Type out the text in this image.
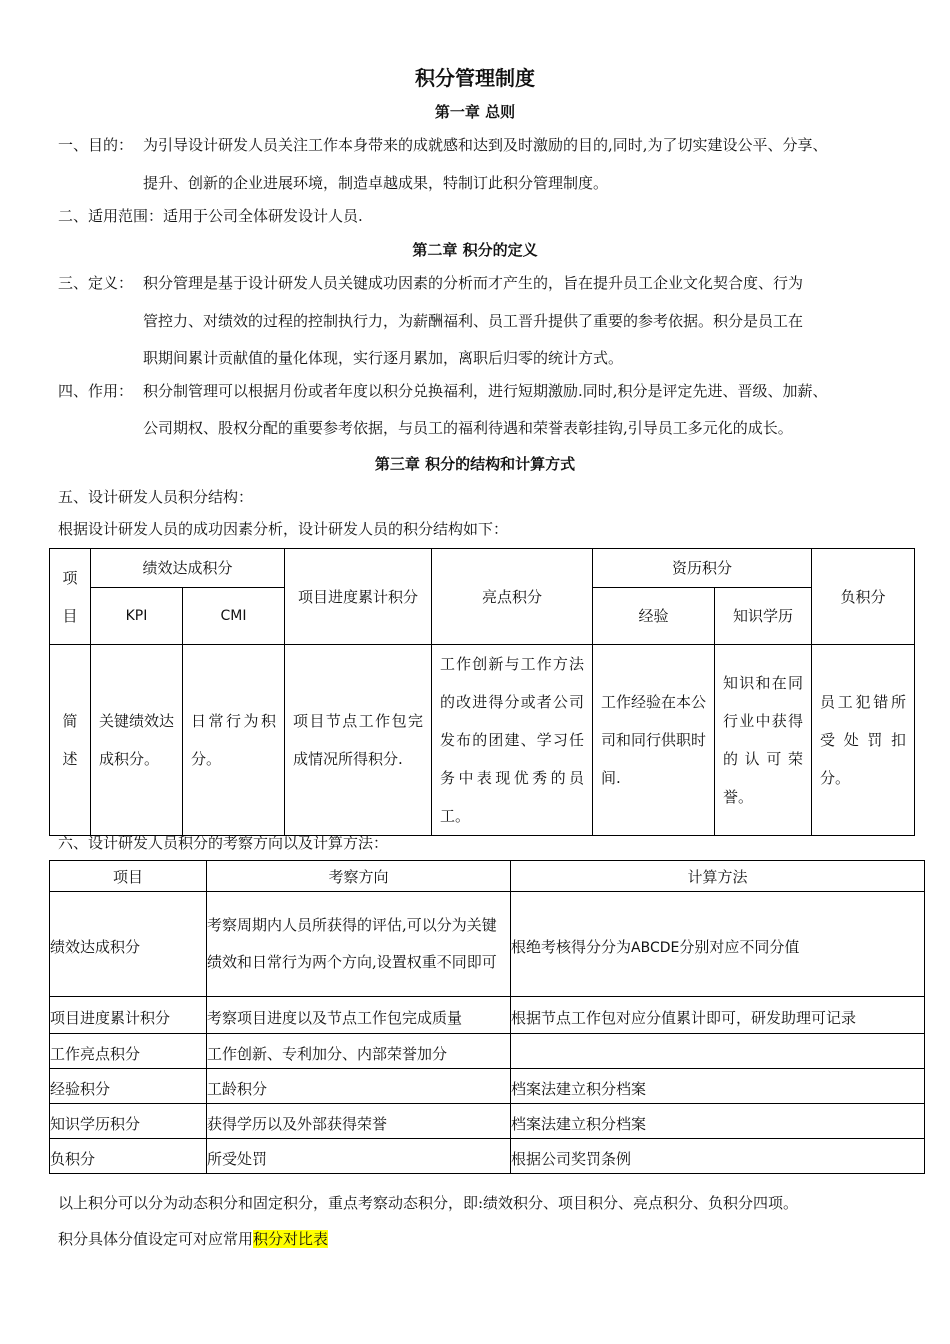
积分管理制度
第一章 总则
一、目的： 为引导设计研发人员关注工作本身带来的成就感和达到及时激励的目的,同时,为了切实建设公平、分享、
提升、创新的企业进展环境，制造卓越成果，特制订此积分管理制度。
二、适用范围：适用于公司全体研发设计人员.
第二章 积分的定义
三、定义： 积分管理是基于设计研发人员关键成功因素的分析而才产生的，旨在提升员工企业文化契合度、行为
管控力、对绩效的过程的控制执行力，为薪酬福利、员工晋升提供了重要的参考依据。积分是员工在
职期间累计贡献值的量化体现，实行逐月累加，离职后归零的统计方式。
四、作用： 积分制管理可以根据月份或者年度以积分兑换福利，进行短期激励.同时,积分是评定先进、晋级、加薪、
公司期权、股权分配的重要参考依据，与员工的福利待遇和荣誉表彰挂钩,引导员工多元化的成长。
第三章 积分的结构和计算方式
五、设计研发人员积分结构：
根据设计研发人员的成功因素分析，设计研发人员的积分结构如下：
项目	绩效达成积分		项目进度累计积分	亮点积分	资历积分		负积分
	KPI	CMI			经验	知识学历	

简述	关键绩效达成积分。	日常行为积分。	项目节点工作包完成情况所得积分.	工作创新与工作方法的改进得分或者公司发布的团建、学习任务中表现优秀的员工。	工作经验在本公司和同行供职时间.	知识和在同行业中获得的认可荣誉。	员工犯错所受处罚扣分。
六、设计研发人员积分的考察方向以及计算方法：
项目	考察方向	计算方法
绩效达成积分	考察周期内人员所获得的评估,可以分为关键绩效和日常行为两个方向,设置权重不同即可	根绝考核得分分为ABCDE分别对应不同分值
项目进度累计积分	考察项目进度以及节点工作包完成质量	根据节点工作包对应分值累计即可，研发助理可记录
工作亮点积分	工作创新、专利加分、内部荣誉加分	
经验积分	工龄积分	档案法建立积分档案
知识学历积分	获得学历以及外部获得荣誉	档案法建立积分档案
负积分	所受处罚	根据公司奖罚条例
以上积分可以分为动态积分和固定积分，重点考察动态积分，即:绩效积分、项目积分、亮点积分、负积分四项。
积分具体分值设定可对应常用积分对比表
